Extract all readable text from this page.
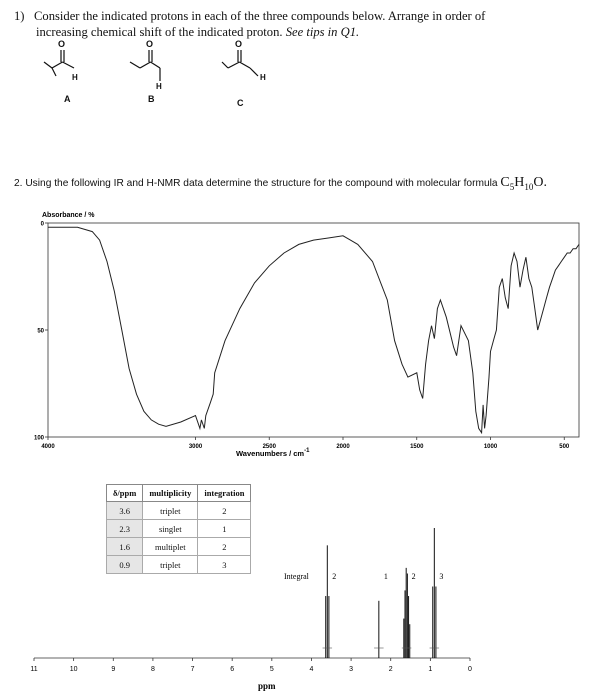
1) Consider the indicated protons in each of the three compounds below. Arrange in order of
increasing chemical shift of the indicated proton. See tips in Q1.
O
H
A
O
H
B
O
H
C
2. Using the following IR and H-NMR data determine the structure for the compound with molecular formula $C_5H_{10}O$.
Absorbance / %
0
50
100
4000	3000	2500	2000	1500	1000	500
Wavenumbers / $cm^{-1}$
11	10	9	8	7	6	5	4	3	2	1	0
2	1	2	3
Integral
ppm
δ/ppm	multiplicity	integration
3.6	triplet	2
2.3	singlet	1
1.6	multiplet	2
0.9	triplet	3
